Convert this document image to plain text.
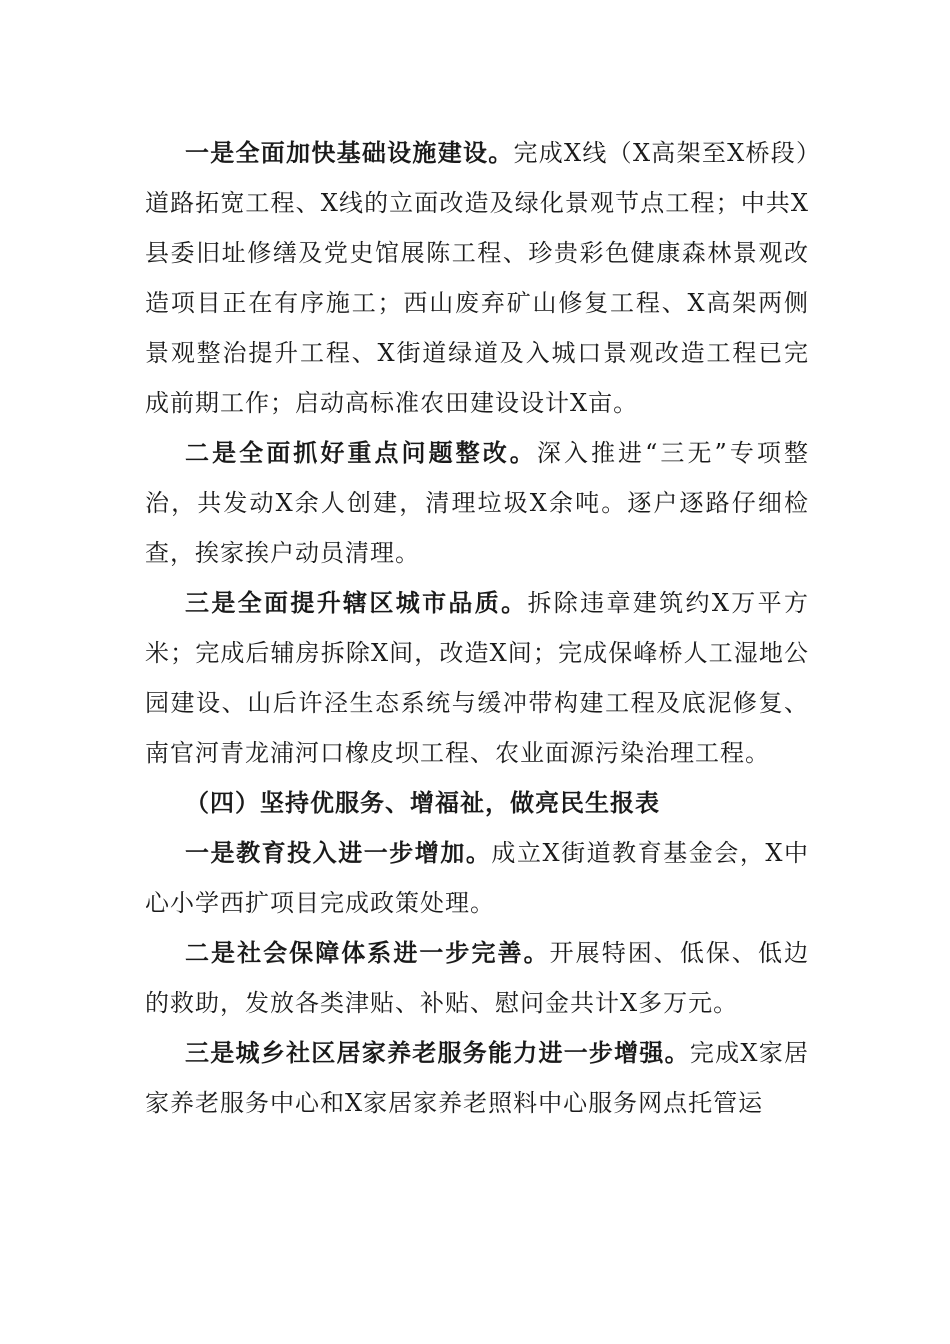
一是全面加快基础设施建设。完成X线（X高架至X桥段）道路拓宽工程、X线的立面改造及绿化景观节点工程；中共X县委旧址修缮及党史馆展陈工程、珍贵彩色健康森林景观改造项目正在有序施工；西山废弃矿山修复工程、X高架两侧景观整治提升工程、X街道绿道及入城口景观改造工程已完成前期工作；启动高标准农田建设设计X亩。

二是全面抓好重点问题整改。深入推进“三无”专项整治，共发动X余人创建，清理垃圾X余吨。逐户逐路仔细检查，挨家挨户动员清理。

三是全面提升辖区城市品质。拆除违章建筑约X万平方米；完成后辅房拆除X间，改造X间；完成保峰桥人工湿地公园建设、山后许泾生态系统与缓冲带构建工程及底泥修复、南官河青龙浦河口橡皮坝工程、农业面源污染治理工程。

（四）坚持优服务、增福祉，做亮民生报表

一是教育投入进一步增加。成立X街道教育基金会，X中心小学西扩项目完成政策处理。

二是社会保障体系进一步完善。开展特困、低保、低边的救助，发放各类津贴、补贴、慰问金共计X多万元。

三是城乡社区居家养老服务能力进一步增强。完成X家居家养老服务中心和X家居家养老照料中心服务网点托管运
